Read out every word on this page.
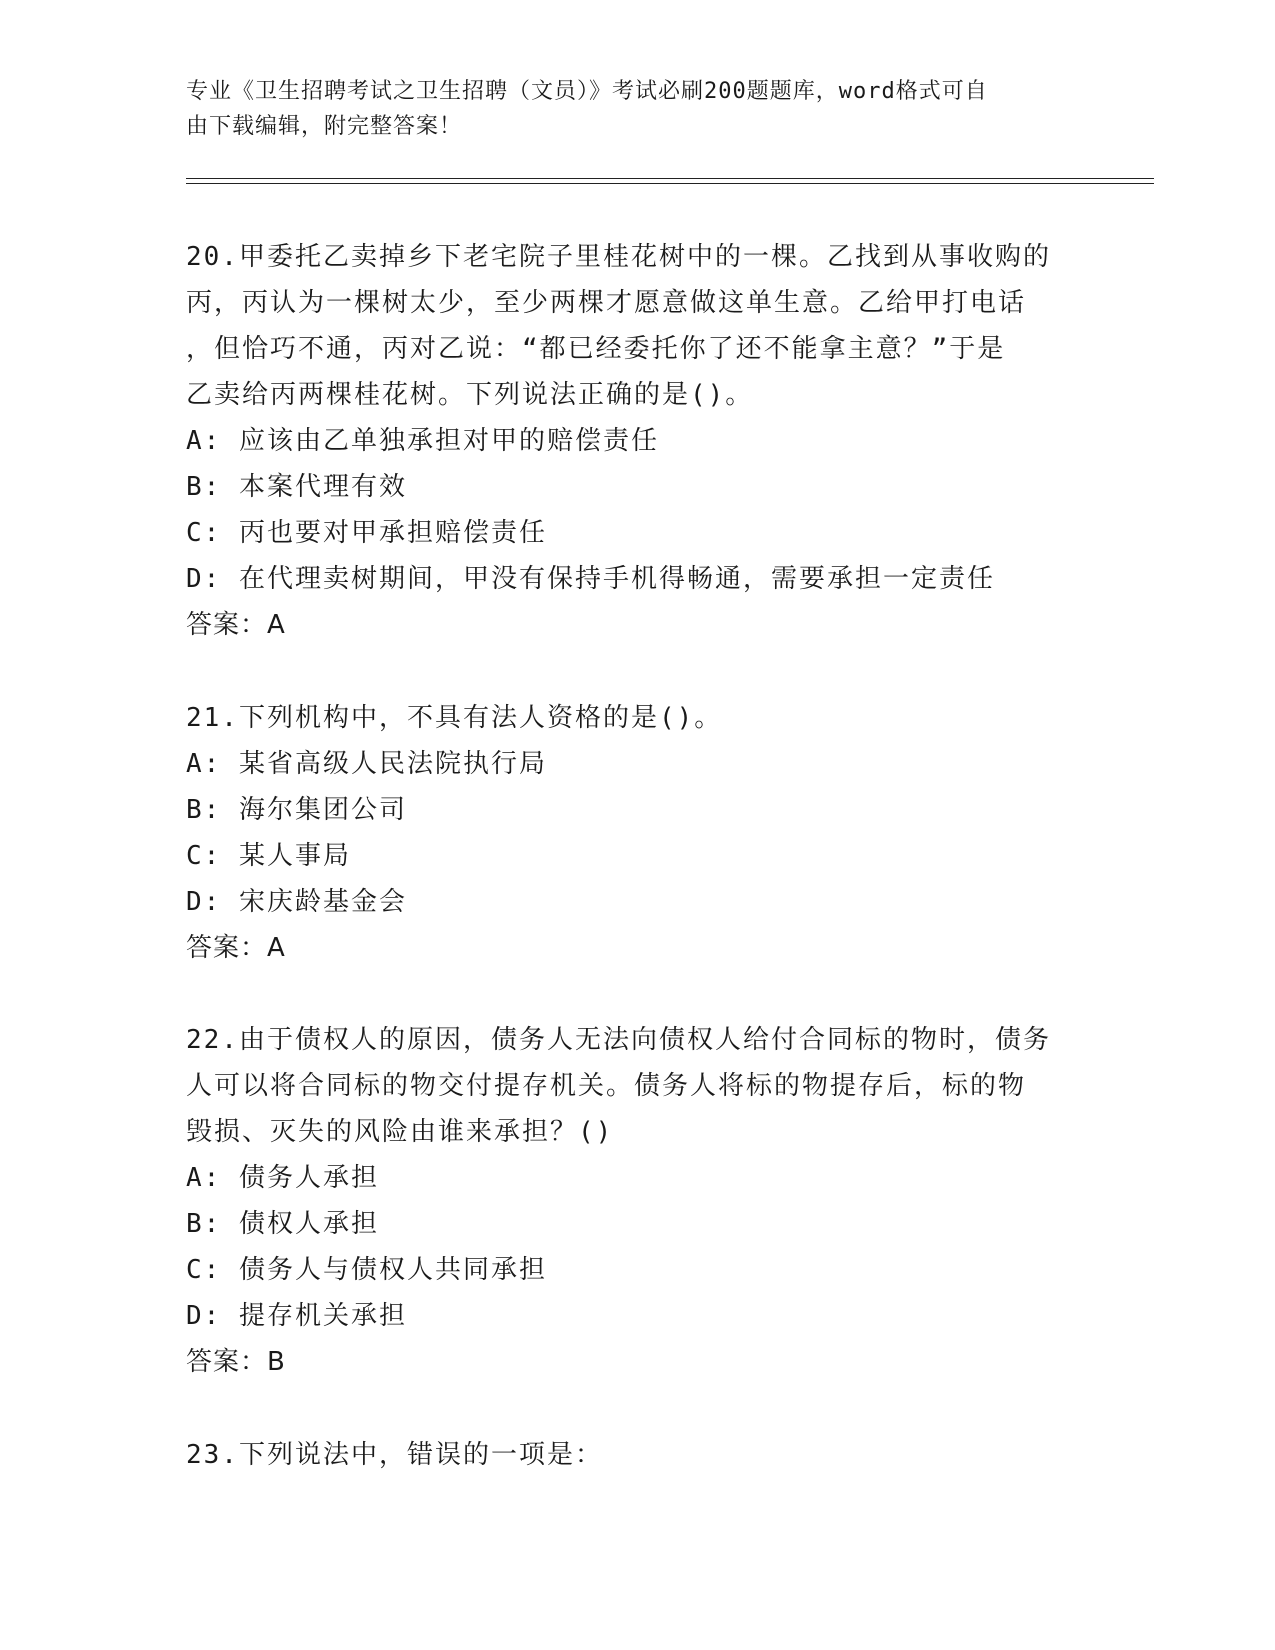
专业《卫生招聘考试之卫生招聘（文员）》考试必刷200题题库，word格式可自
由下载编辑，附完整答案！
20.甲委托乙卖掉乡下老宅院子里桂花树中的一棵。乙找到从事收购的
丙，丙认为一棵树太少，至少两棵才愿意做这单生意。乙给甲打电话
，但恰巧不通，丙对乙说：“都已经委托你了还不能拿主意？”于是
乙卖给丙两棵桂花树。下列说法正确的是()。
A: 应该由乙单独承担对甲的赔偿责任
B: 本案代理有效
C: 丙也要对甲承担赔偿责任
D: 在代理卖树期间，甲没有保持手机得畅通，需要承担一定责任
答案：A
21.下列机构中，不具有法人资格的是()。
A: 某省高级人民法院执行局
B: 海尔集团公司
C: 某人事局
D: 宋庆龄基金会
答案：A
22.由于债权人的原因，债务人无法向债权人给付合同标的物时，债务
人可以将合同标的物交付提存机关。债务人将标的物提存后，标的物
毁损、灭失的风险由谁来承担？()
A: 债务人承担
B: 债权人承担
C: 债务人与债权人共同承担
D: 提存机关承担
答案：B
23.下列说法中，错误的一项是：
